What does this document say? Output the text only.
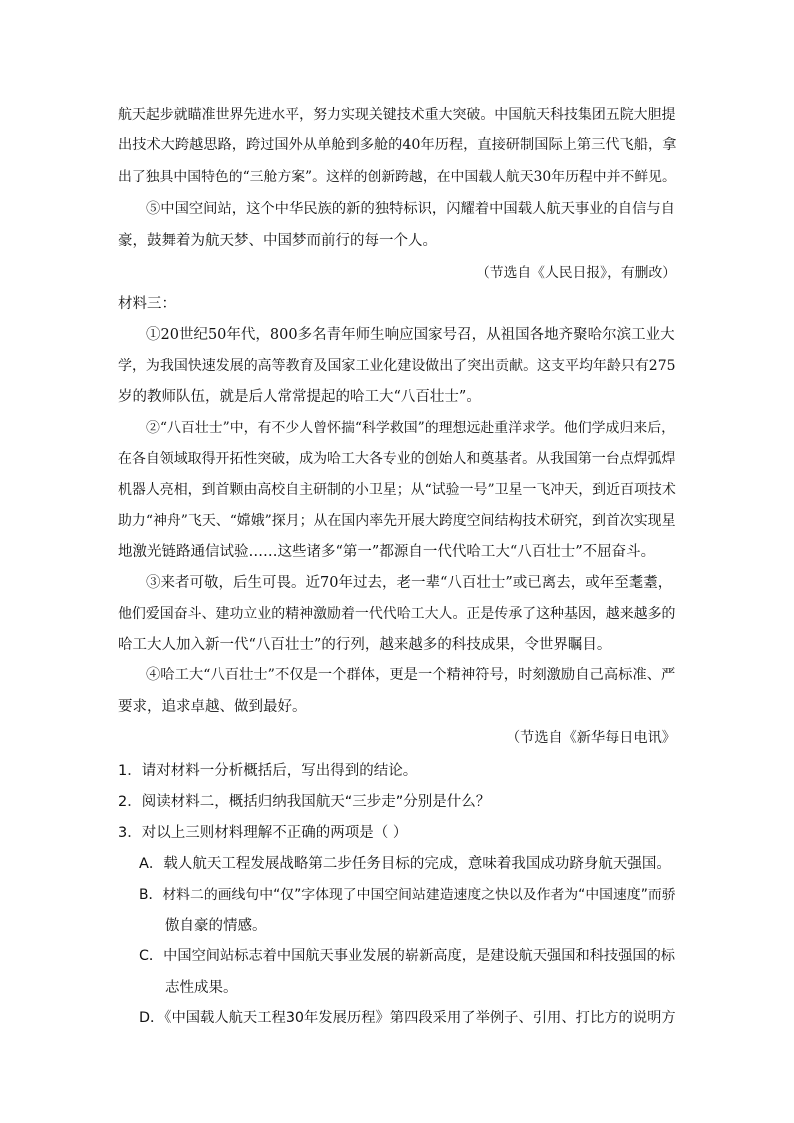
航天起步就瞄准世界先进水平，努力实现关键技术重大突破。中国航天科技集团五院大胆提
出技术大跨越思路，跨过国外从单舱到多舱的40年历程，直接研制国际上第三代飞船，拿
出了独具中国特色的“三舱方案”。这样的创新跨越，在中国载人航天30年历程中并不鲜见。
⑤中国空间站，这个中华民族的新的独特标识，闪耀着中国载人航天事业的自信与自
豪，鼓舞着为航天梦、中国梦而前行的每一个人。
（节选自《人民日报》，有删改）
材料三：
①20世纪50年代，800多名青年师生响应国家号召，从祖国各地齐聚哈尔滨工业大
学，为我国快速发展的高等教育及国家工业化建设做出了突出贡献。这支平均年龄只有275
岁的教师队伍，就是后人常常提起的哈工大“八百壮士”。
②“八百壮士”中，有不少人曾怀揣“科学救国”的理想远赴重洋求学。他们学成归来后，
在各自领域取得开拓性突破，成为哈工大各专业的创始人和奠基者。从我国第一台点焊弧焊
机器人亮相，到首颗由高校自主研制的小卫星；从“试验一号”卫星一飞冲天，到近百项技术
助力“神舟”飞天、“嫦娥”探月；从在国内率先开展大跨度空间结构技术研究，到首次实现星
地激光链路通信试验……这些诸多“第一”都源自一代代哈工大“八百壮士”不屈奋斗。
③来者可敬，后生可畏。近70年过去，老一辈“八百壮士”或已离去，或年至耄耋，
他们爱国奋斗、建功立业的精神激励着一代代哈工大人。正是传承了这种基因，越来越多的
哈工大人加入新一代“八百壮士”的行列，越来越多的科技成果，令世界瞩目。
④哈工大“八百壮士”不仅是一个群体，更是一个精神符号，时刻激励自己高标准、严
要求，追求卓越、做到最好。
（节选自《新华每日电讯》
1．请对材料一分析概括后，写出得到的结论。
2．阅读材料二，概括归纳我国航天“三步走”分别是什么？
3．对以上三则材料理解不正确的两项是（ ）
A．载人航天工程发展战略第二步任务目标的完成，意味着我国成功跻身航天强国。
B．材料二的画线句中“仅”字体现了中国空间站建造速度之快以及作者为“中国速度”而骄
傲自豪的情感。
C．中国空间站标志着中国航天事业发展的崭新高度，是建设航天强国和科技强国的标
志性成果。
D．《中国载人航天工程30年发展历程》第四段采用了举例子、引用、打比方的说明方
